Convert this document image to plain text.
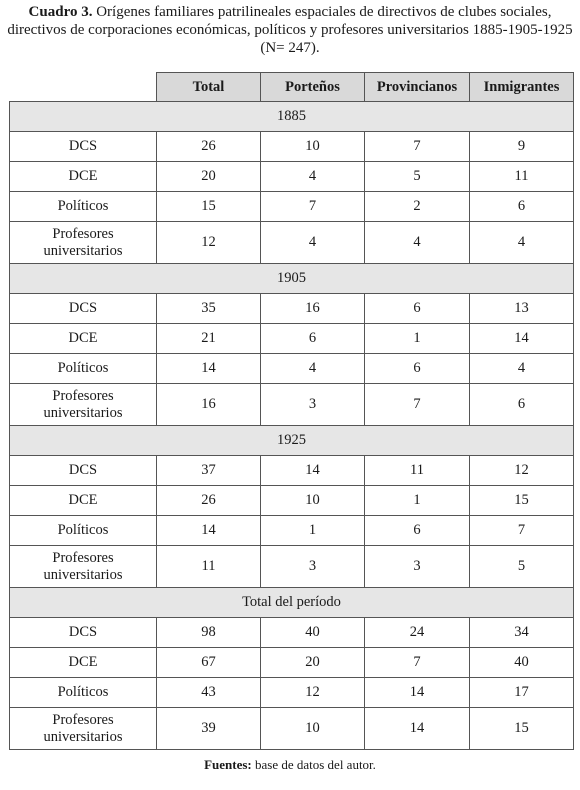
Cuadro 3. Orígenes familiares patrilineales espaciales de directivos de clubes sociales, directivos de corporaciones económicas, políticos y profesores universitarios 1885-1905-1925 (N= 247).
	Total	Porteños	Provincianos	Inmigrantes
1885				
DCS	26	10	7	9
DCE	20	4	5	11
Políticos	15	7	2	6
Profesores universitarios	12	4	4	4
1905				
DCS	35	16	6	13
DCE	21	6	1	14
Políticos	14	4	6	4
Profesores universitarios	16	3	7	6
1925				
DCS	37	14	11	12
DCE	26	10	1	15
Políticos	14	1	6	7
Profesores universitarios	11	3	3	5
Total del período				
DCS	98	40	24	34
DCE	67	20	7	40
Políticos	43	12	14	17
Profesores universitarios	39	10	14	15
Fuentes: base de datos del autor.
